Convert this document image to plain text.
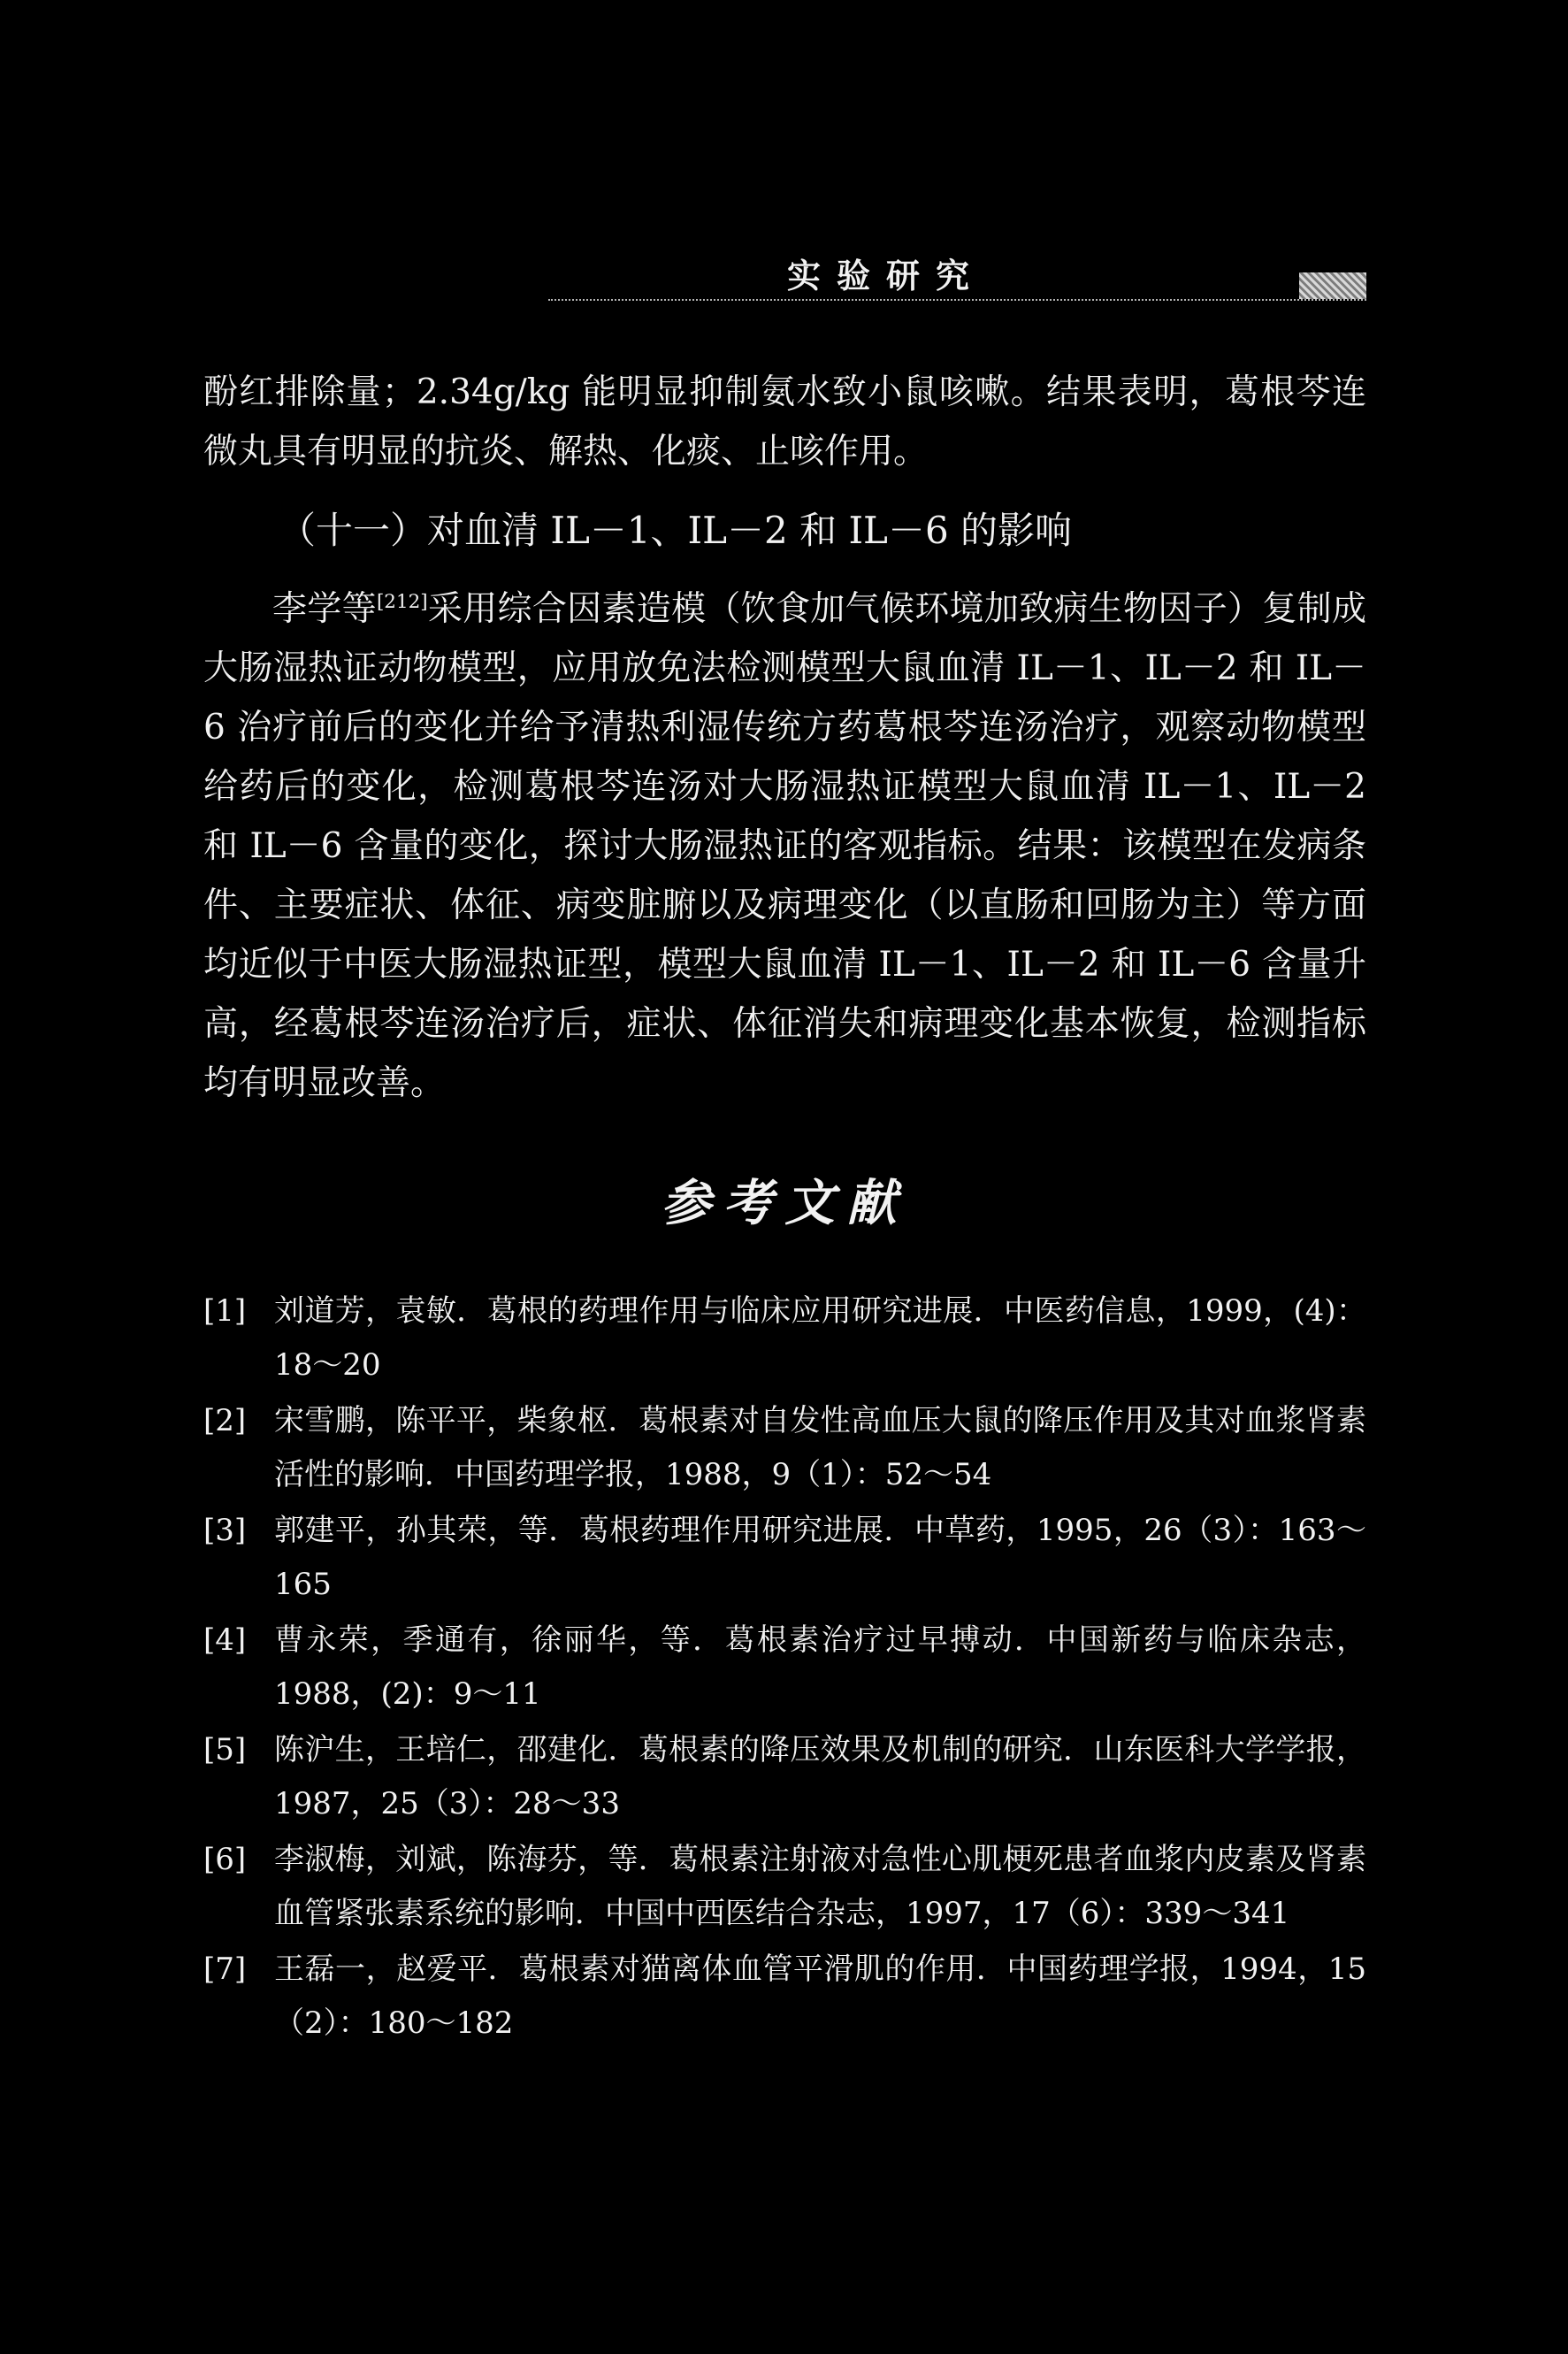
实验研究

酚红排除量；2.34g/kg 能明显抑制氨水致小鼠咳嗽。结果表明，葛根芩连微丸具有明显的抗炎、解热、化痰、止咳作用。

（十一）对血清 IL－1、IL－2 和 IL－6 的影响

李学等[212]采用综合因素造模（饮食加气候环境加致病生物因子）复制成大肠湿热证动物模型，应用放免法检测模型大鼠血清 IL－1、IL－2 和 IL－6 治疗前后的变化并给予清热利湿传统方药葛根芩连汤治疗，观察动物模型给药后的变化，检测葛根芩连汤对大肠湿热证模型大鼠血清 IL－1、IL－2 和 IL－6 含量的变化，探讨大肠湿热证的客观指标。结果：该模型在发病条件、主要症状、体征、病变脏腑以及病理变化（以直肠和回肠为主）等方面均近似于中医大肠湿热证型，模型大鼠血清 IL－1、IL－2 和 IL－6 含量升高，经葛根芩连汤治疗后，症状、体征消失和病理变化基本恢复，检测指标均有明显改善。

参考文献
[1] 刘道芳，袁敏．葛根的药理作用与临床应用研究进展．中医药信息，1999，(4)：18～20
[2] 宋雪鹏，陈平平，柴象枢．葛根素对自发性高血压大鼠的降压作用及其对血浆肾素活性的影响．中国药理学报，1988，9（1）：52～54
[3] 郭建平，孙其荣，等．葛根药理作用研究进展．中草药，1995，26（3）：163～165
[4] 曹永荣，季通有，徐丽华，等．葛根素治疗过早搏动．中国新药与临床杂志，1988，(2)：9～11
[5] 陈沪生，王培仁，邵建化．葛根素的降压效果及机制的研究．山东医科大学学报，1987，25（3）：28～33
[6] 李淑梅，刘斌，陈海芬，等．葛根素注射液对急性心肌梗死患者血浆内皮素及肾素血管紧张素系统的影响．中国中西医结合杂志，1997，17（6）：339～341
[7] 王磊一，赵爱平．葛根素对猫离体血管平滑肌的作用．中国药理学报，1994，15（2）：180～182
